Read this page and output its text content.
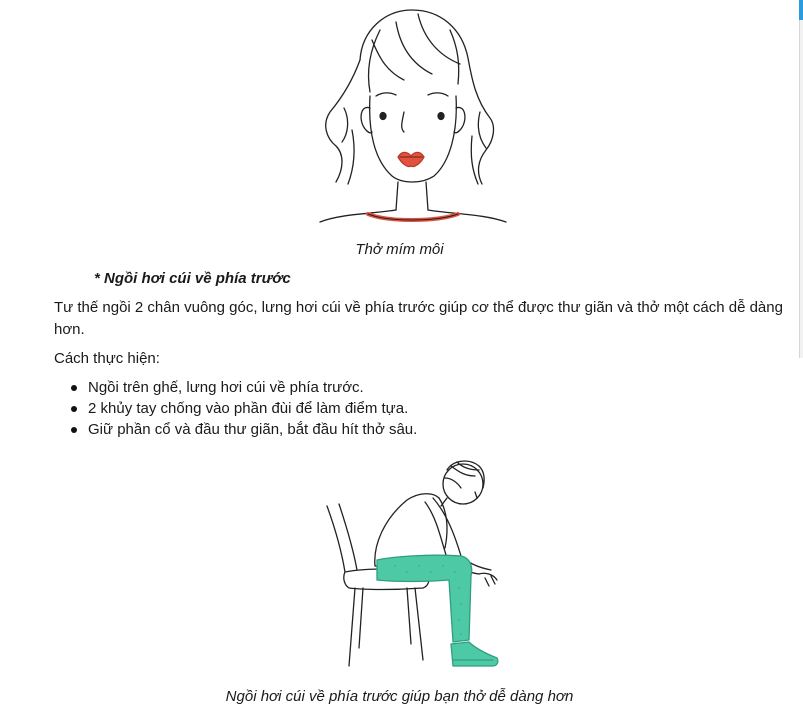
Thở mím môi
* Ngồi hơi cúi về phía trước
Tư thế ngồi 2 chân vuông góc, lưng hơi cúi về phía trước giúp cơ thể được thư giãn và thở một cách dễ dàng hơn.
Cách thực hiện:
Ngồi trên ghế, lưng hơi cúi về phía trước.
2 khủy tay chống vào phần đùi để làm điểm tựa.
Giữ phần cổ và đầu thư giãn, bắt đầu hít thở sâu.
Ngồi hơi cúi về phía trước giúp bạn thở dễ dàng hơn
